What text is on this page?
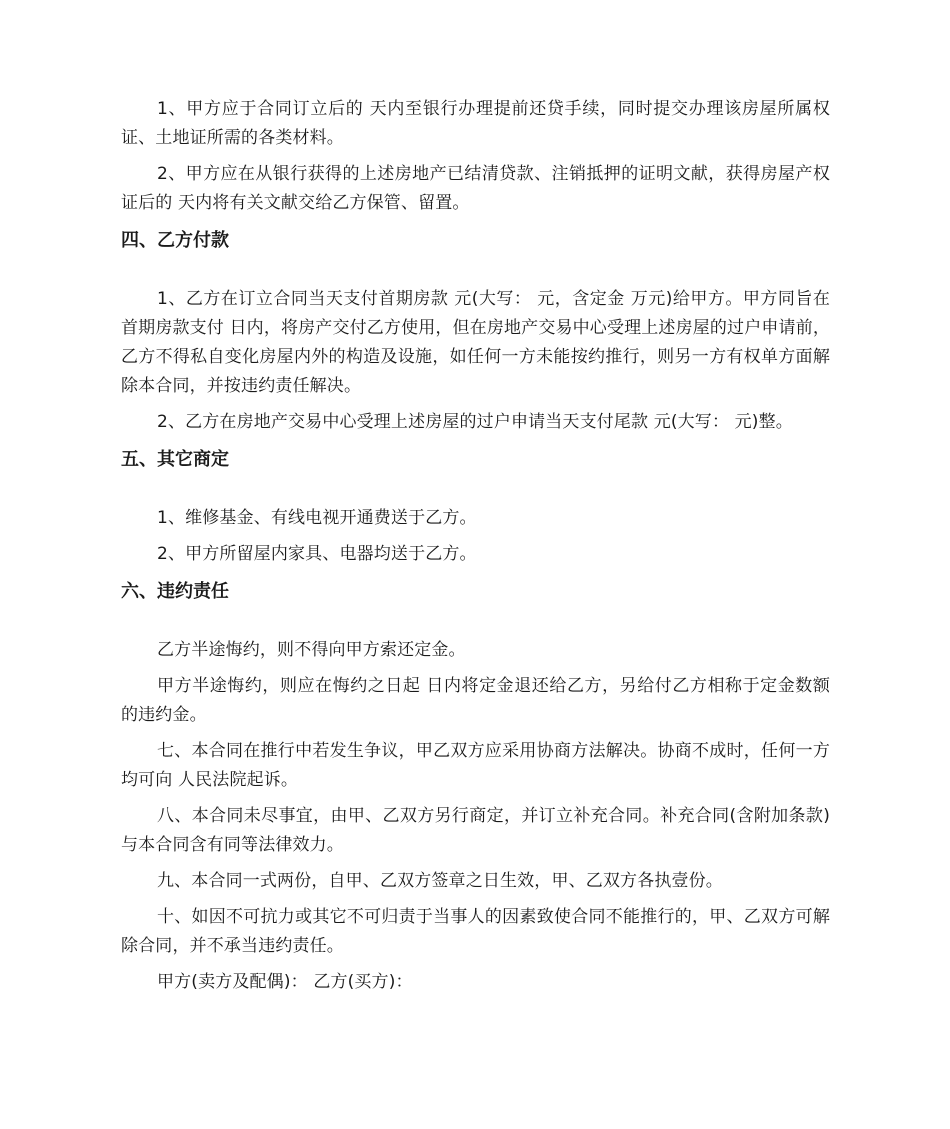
1、甲方应于合同订立后的 天内至银行办理提前还贷手续，同时提交办理该房屋所属权证、土地证所需的各类材料。

2、甲方应在从银行获得的上述房地产已结清贷款、注销抵押的证明文献，获得房屋产权证后的 天内将有关文献交给乙方保管、留置。

四、乙方付款

1、乙方在订立合同当天支付首期房款 元(大写： 元，含定金 万元)给甲方。甲方同旨在首期房款支付 日内，将房产交付乙方使用，但在房地产交易中心受理上述房屋的过户申请前，乙方不得私自变化房屋内外的构造及设施，如任何一方未能按约推行，则另一方有权单方面解除本合同，并按违约责任解决。

2、乙方在房地产交易中心受理上述房屋的过户申请当天支付尾款 元(大写： 元)整。

五、其它商定

1、维修基金、有线电视开通费送于乙方。

2、甲方所留屋内家具、电器均送于乙方。

六、违约责任

乙方半途悔约，则不得向甲方索还定金。

甲方半途悔约，则应在悔约之日起 日内将定金退还给乙方，另给付乙方相称于定金数额的违约金。

七、本合同在推行中若发生争议，甲乙双方应采用协商方法解决。协商不成时，任何一方均可向 人民法院起诉。

八、本合同未尽事宜，由甲、乙双方另行商定，并订立补充合同。补充合同(含附加条款)与本合同含有同等法律效力。

九、本合同一式两份，自甲、乙双方签章之日生效，甲、乙双方各执壹份。

十、如因不可抗力或其它不可归责于当事人的因素致使合同不能推行的，甲、乙双方可解除合同，并不承当违约责任。

甲方(卖方及配偶)： 乙方(买方)：
